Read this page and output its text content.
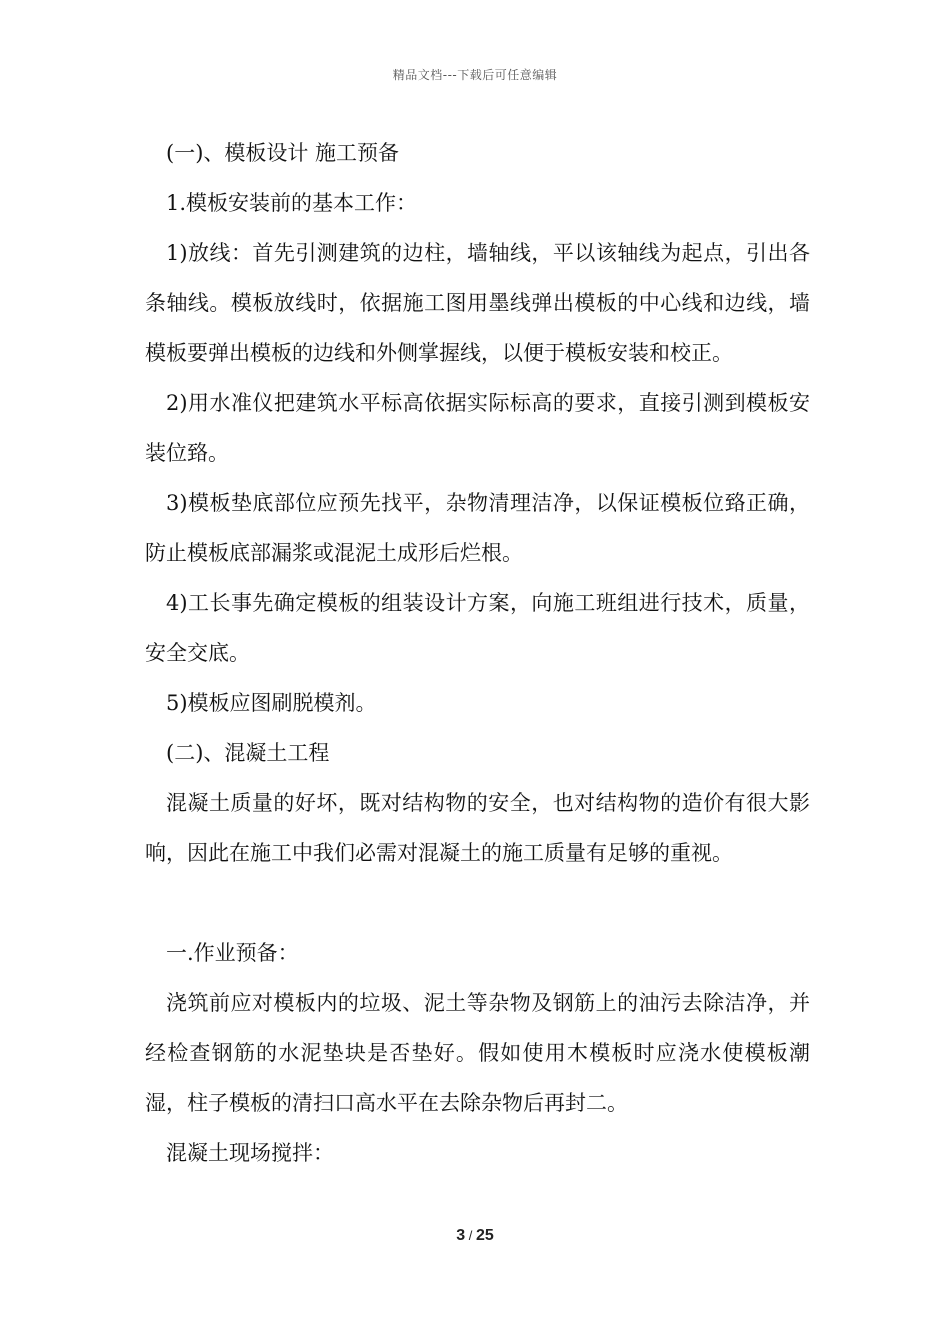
精品文档---下载后可任意编辑

(一)、模板设计 施工预备

1.模板安装前的基本工作：

1)放线：首先引测建筑的边柱，墙轴线，平以该轴线为起点，引出各条轴线。模板放线时，依据施工图用墨线弹出模板的中心线和边线，墙模板要弹出模板的边线和外侧掌握线，以便于模板安装和校正。

2)用水准仪把建筑水平标高依据实际标高的要求，直接引测到模板安装位臵。

3)模板垫底部位应预先找平，杂物清理洁净，以保证模板位臵正确，防止模板底部漏浆或混泥土成形后烂根。

4)工长事先确定模板的组装设计方案，向施工班组进行技术，质量，安全交底。

5)模板应图刷脱模剂。

(二)、混凝土工程

混凝土质量的好坏，既对结构物的安全，也对结构物的造价有很大影响，因此在施工中我们必需对混凝土的施工质量有足够的重视。

一.作业预备：

浇筑前应对模板内的垃圾、泥土等杂物及钢筋上的油污去除洁净，并经检查钢筋的水泥垫块是否垫好。假如使用木模板时应浇水使模板潮湿，柱子模板的清扫口高水平在去除杂物后再封二。

混凝土现场搅拌：

3 / 25
